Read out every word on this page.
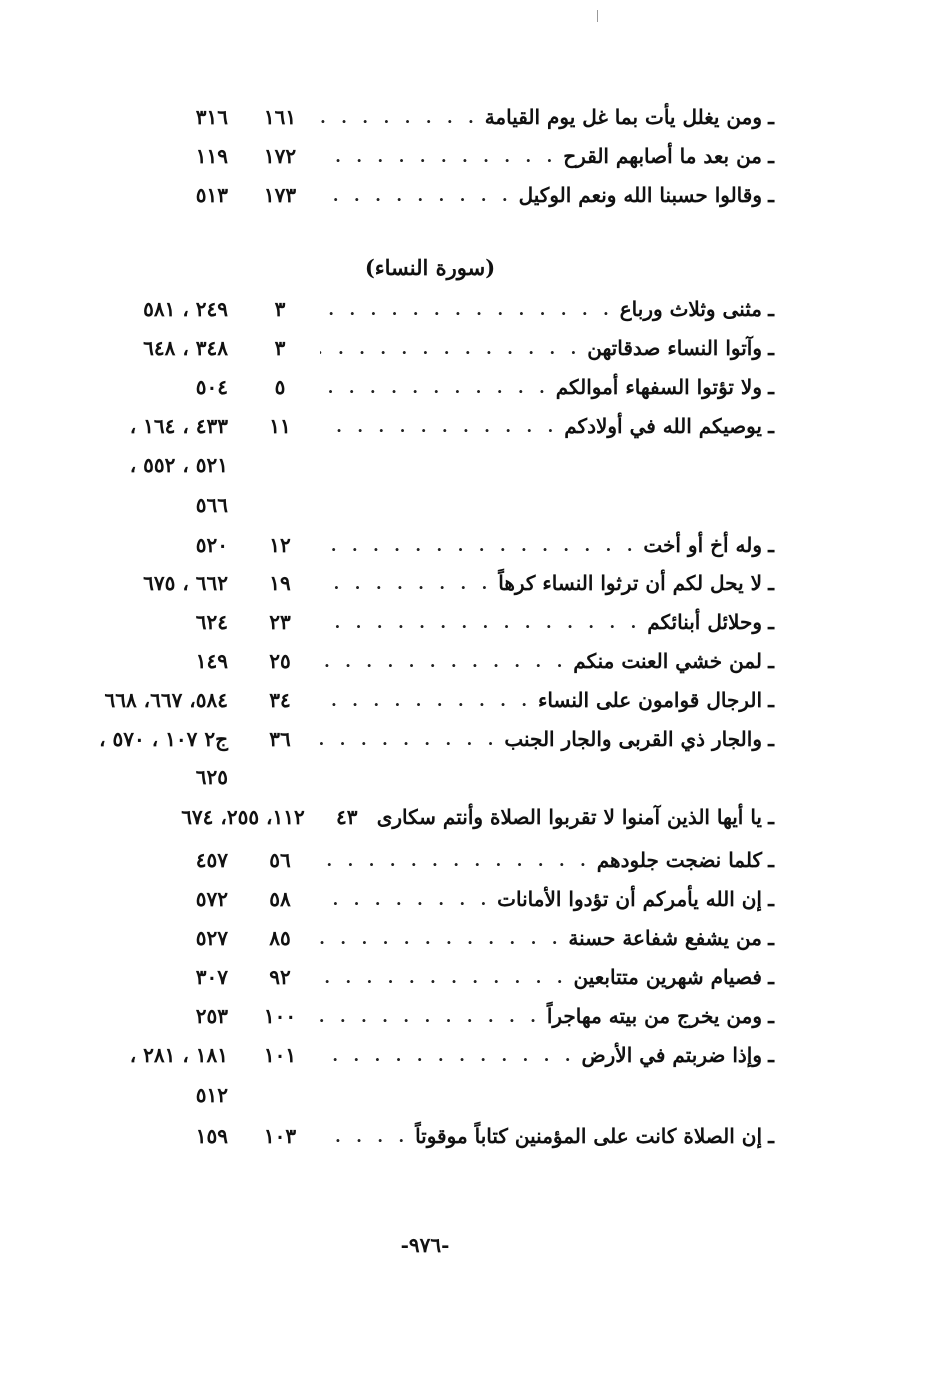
ـ
ومن يغلل يأت بما غل يوم القيامة
. . .
١٦١
٣١٦
ـ
من بعد ما أصابهم القرح
. . .
١٧٢
١١٩
ـ
وقالوا حسبنا الله ونعم الوكيل
. . .
١٧٣
٥١٣
(سورة النساء)
ـ
مثنى وثلاث ورباع
. . .
٣
٢٤٩ ، ٥٨١
ـ
وآتوا النساء صدقاتهن
. . .
٣
٣٤٨ ، ٦٤٨
ـ
ولا تؤتوا السفهاء أموالكم
. . .
٥
٥٠٤
ـ
يوصيكم الله في أولادكم
. . .
١١
٤٣٣ ، ١٦٤ ،
٥٢١ ، ٥٥٢ ،
٥٦٦
ـ
وله أخ أو أخت
. . .
١٢
٥٢٠
ـ
لا يحل لكم أن ترثوا النساء كرهاً
. . .
١٩
٦٦٢ ، ٦٧٥
ـ
وحلائل أبنائكم
. . .
٢٣
٦٢٤
ـ
لمن خشي العنت منكم
. . .
٢٥
١٤٩
ـ
الرجال قوامون على النساء
. . .
٣٤
٥٨٤، ٦٦٧، ٦٦٨
ـ
والجار ذي القربى والجار الجنب
. . .
٣٦
ج٢ ١٠٧ ، ٥٧٠ ،
٦٢٥
ـ
يا أيها الذين آمنوا لا تقربوا الصلاة وأنتم سكارى
٤٣
١١٢، ٢٥٥، ٦٧٤
ـ
كلما نضجت جلودهم
. . .
٥٦
٤٥٧
ـ
إن الله يأمركم أن تؤدوا الأمانات
. . .
٥٨
٥٧٢
ـ
من يشفع شفاعة حسنة
. . .
٨٥
٥٢٧
ـ
فصيام شهرين متتابعين
. . .
٩٢
٣٠٧
ـ
ومن يخرج من بيته مهاجراً
. . .
١٠٠
٢٥٣
ـ
وإذا ضربتم في الأرض
. . .
١٠١
١٨١ ، ٢٨١ ،
٥١٢
ـ
إن الصلاة كانت على المؤمنين كتاباً موقوتاً
. . .
١٠٣
١٥٩
-٩٧٦-
